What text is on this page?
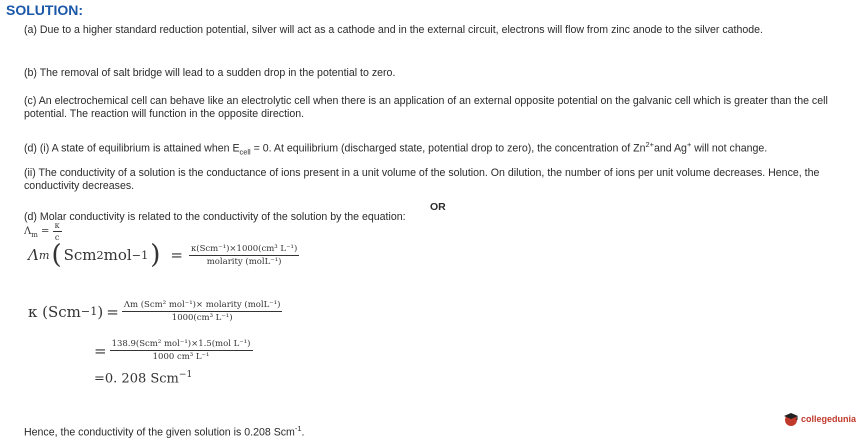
SOLUTION:
(a) Due to a higher standard reduction potential, silver will act as a cathode and in the external circuit, electrons will flow from zinc anode to the silver cathode.
(b) The removal of salt bridge will lead to a sudden drop in the potential to zero.
(c) An electrochemical cell can behave like an electrolytic cell when there is an application of an external opposite potential on the galvanic cell which is greater than the cell potential. The reaction will function in the opposite direction.
(d) (i) A state of equilibrium is attained when $E_{cell} = 0$. At equilibrium (discharged state, potential drop to zero), the concentration of $Zn^{2+}and$ Ag+ will not change.
(ii) The conductivity of a solution is the conductance of ions present in a unit volume of the solution. On dilution, the number of ions per unit volume decreases. Hence, the conductivity decreases.
OR
(d) Molar conductivity is related to the conductivity of the solution by the equation:
$\Lambda_m = \frac{\kappa}{c}$
Λ m ( Scm 2 mol −1 ) = $\frac{\text{κ(Scm⁻¹)×1000(cm³ L⁻¹)}}{\text{molarity (molL⁻¹)}}$
κ (Scm −1 ) = $\frac{\text{Λm (Scm² mol⁻¹)× molarity (molL⁻¹)}}{\text{1000(cm³ L⁻¹)}}$
= $\frac{\text{138.9(Scm² mol⁻¹)×1.5(mol L⁻¹)}}{\text{1000 cm³ L⁻¹}}$
=0. 208 Scm$^{-1}$
Hence, the conductivity of the given solution is 0.208 Scm$^{-1}$.
collegedunia
